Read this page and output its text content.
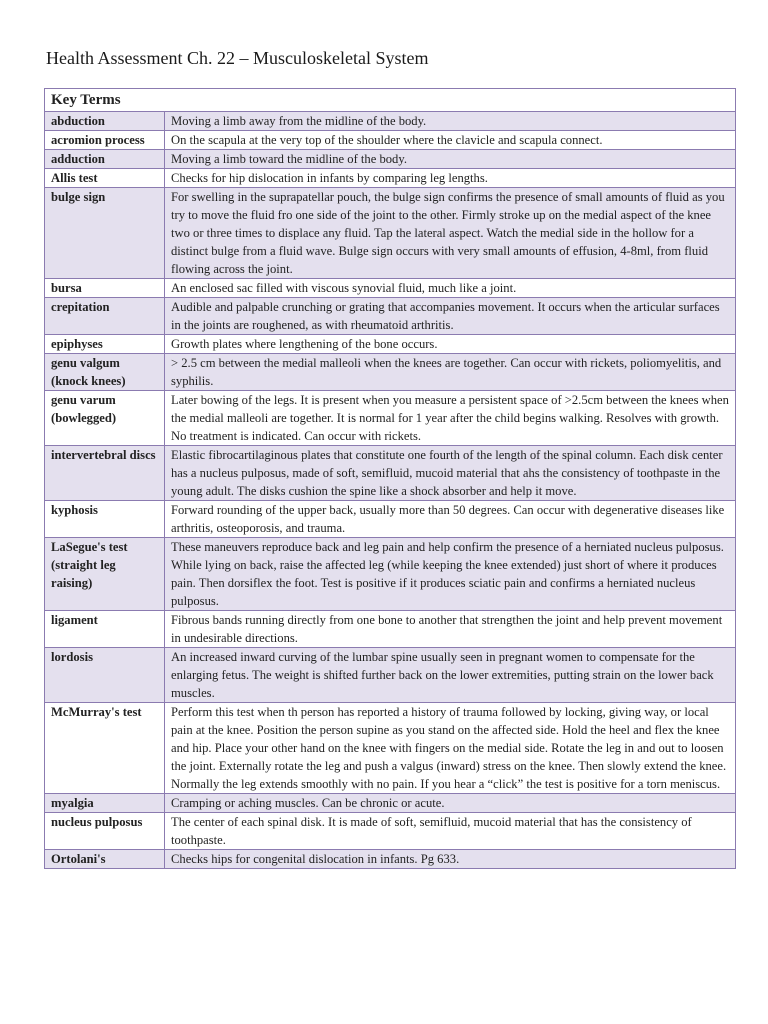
Health Assessment Ch. 22 – Musculoskeletal System
Key Terms	
abduction	Moving a limb away from the midline of the body.
acromion process	On the scapula at the very top of the shoulder where the clavicle and scapula connect.
adduction	Moving a limb toward the midline of the body.
Allis test	Checks for hip dislocation in infants by comparing leg lengths.
bulge sign	For swelling in the suprapatellar pouch, the bulge sign confirms the presence of small amounts of fluid as you try to move the fluid fro one side of the joint to the other. Firmly stroke up on the medial aspect of the knee two or three times to displace any fluid. Tap the lateral aspect. Watch the medial side in the hollow for a distinct bulge from a fluid wave. Bulge sign occurs with very small amounts of effusion, 4-8ml, from fluid flowing across the joint.
bursa	An enclosed sac filled with viscous synovial fluid, much like a joint.
crepitation	Audible and palpable crunching or grating that accompanies movement. It occurs when the articular surfaces in the joints are roughened, as with rheumatoid arthritis.
epiphyses	Growth plates where lengthening of the bone occurs.
genu valgum (knock knees)	> 2.5 cm between the medial malleoli when the knees are together. Can occur with rickets, poliomyelitis, and syphilis.
genu varum (bowlegged)	Later bowing of the legs. It is present when you measure a persistent space of >2.5cm between the knees when the medial malleoli are together. It is normal for 1 year after the child begins walking. Resolves with growth. No treatment is indicated. Can occur with rickets.
intervertebral discs	Elastic fibrocartilaginous plates that constitute one fourth of the length of the spinal column. Each disk center has a nucleus pulposus, made of soft, semifluid, mucoid material that ahs the consistency of toothpaste in the young adult. The disks cushion the spine like a shock absorber and help it move.
kyphosis	Forward rounding of the upper back, usually more than 50 degrees. Can occur with degenerative diseases like arthritis, osteoporosis, and trauma.
LaSegue's test (straight leg raising)	These maneuvers reproduce back and leg pain and help confirm the presence of a herniated nucleus pulposus. While lying on back, raise the affected leg (while keeping the knee extended) just short of where it produces pain. Then dorsiflex the foot. Test is positive if it produces sciatic pain and confirms a herniated nucleus pulposus.
ligament	Fibrous bands running directly from one bone to another that strengthen the joint and help prevent movement in undesirable directions.
lordosis	An increased inward curving of the lumbar spine usually seen in pregnant women to compensate for the enlarging fetus. The weight is shifted further back on the lower extremities, putting strain on the lower back muscles.
McMurray's test	Perform this test when th person has reported a history of trauma followed by locking, giving way, or local pain at the knee. Position the person supine as you stand on the affected side. Hold the heel and flex the knee and hip. Place your other hand on the knee with fingers on the medial side. Rotate the leg in and out to loosen the joint. Externally rotate the leg and push a valgus (inward) stress on the knee. Then slowly extend the knee. Normally the leg extends smoothly with no pain. If you hear a “click” the test is positive for a torn meniscus.
myalgia	Cramping or aching muscles. Can be chronic or acute.
nucleus pulposus	The center of each spinal disk. It is made of soft, semifluid, mucoid material that has the consistency of toothpaste.
Ortolani's	Checks hips for congenital dislocation in infants. Pg 633.
